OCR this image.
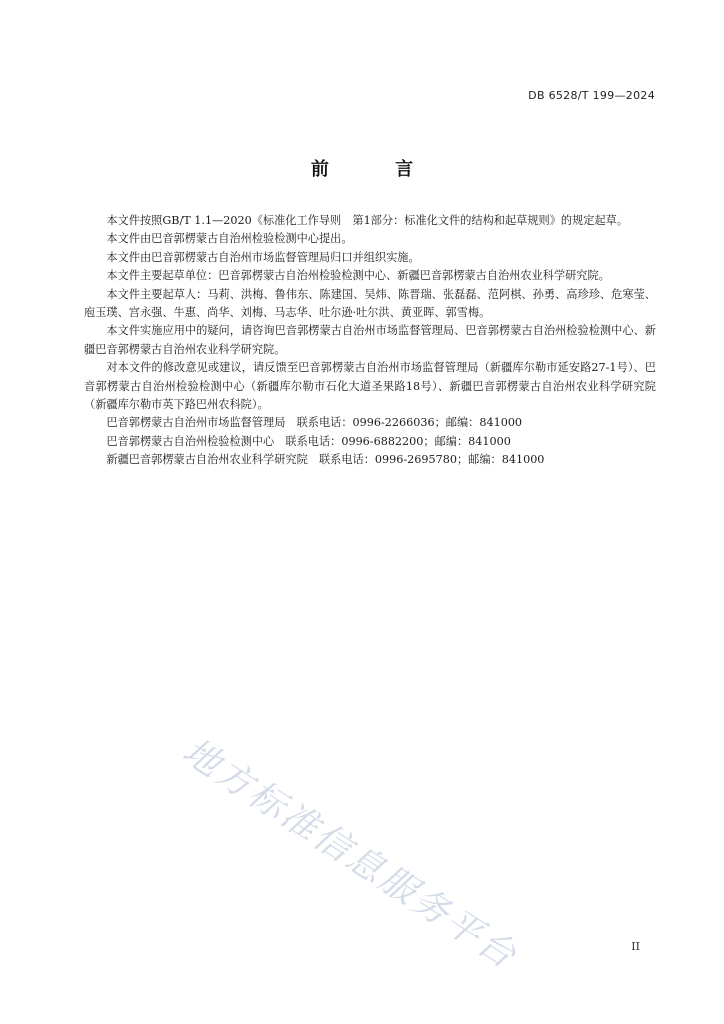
DB 6528/T 199—2024
前 言

本文件按照GB/T 1.1—2020《标准化工作导则　第1部分：标准化文件的结构和起草规则》的规定起草。

本文件由巴音郭楞蒙古自治州检验检测中心提出。

本文件由巴音郭楞蒙古自治州市场监督管理局归口并组织实施。

本文件主要起草单位：巴音郭楞蒙古自治州检验检测中心、新疆巴音郭楞蒙古自治州农业科学研究院。

本文件主要起草人：马莉、洪梅、鲁伟东、陈建国、吴炜、陈晋瑞、张磊磊、范阿棋、孙勇、高珍珍、危寒莹、庖玉璞、宫永强、牛惠、尚华、刘梅、马志华、吐尔逊·吐尔洪、黄亚晖、郭雪梅。

本文件实施应用中的疑问，请咨询巴音郭楞蒙古自治州市场监督管理局、巴音郭楞蒙古自治州检验检测中心、新疆巴音郭楞蒙古自治州农业科学研究院。

对本文件的修改意见或建议，请反馈至巴音郭楞蒙古自治州市场监督管理局（新疆库尔勒市延安路27-1号）、巴音郭楞蒙古自治州检验检测中心（新疆库尔勒市石化大道圣果路18号）、新疆巴音郭楞蒙古自治州农业科学研究院（新疆库尔勒市英下路巴州农科院）。

巴音郭楞蒙古自治州市场监督管理局　联系电话：0996-2266036；邮编：841000
巴音郭楞蒙古自治州检验检测中心　联系电话：0996-6882200；邮编：841000
新疆巴音郭楞蒙古自治州农业科学研究院　联系电话：0996-2695780；邮编：841000
地方标准信息服务平台	II
